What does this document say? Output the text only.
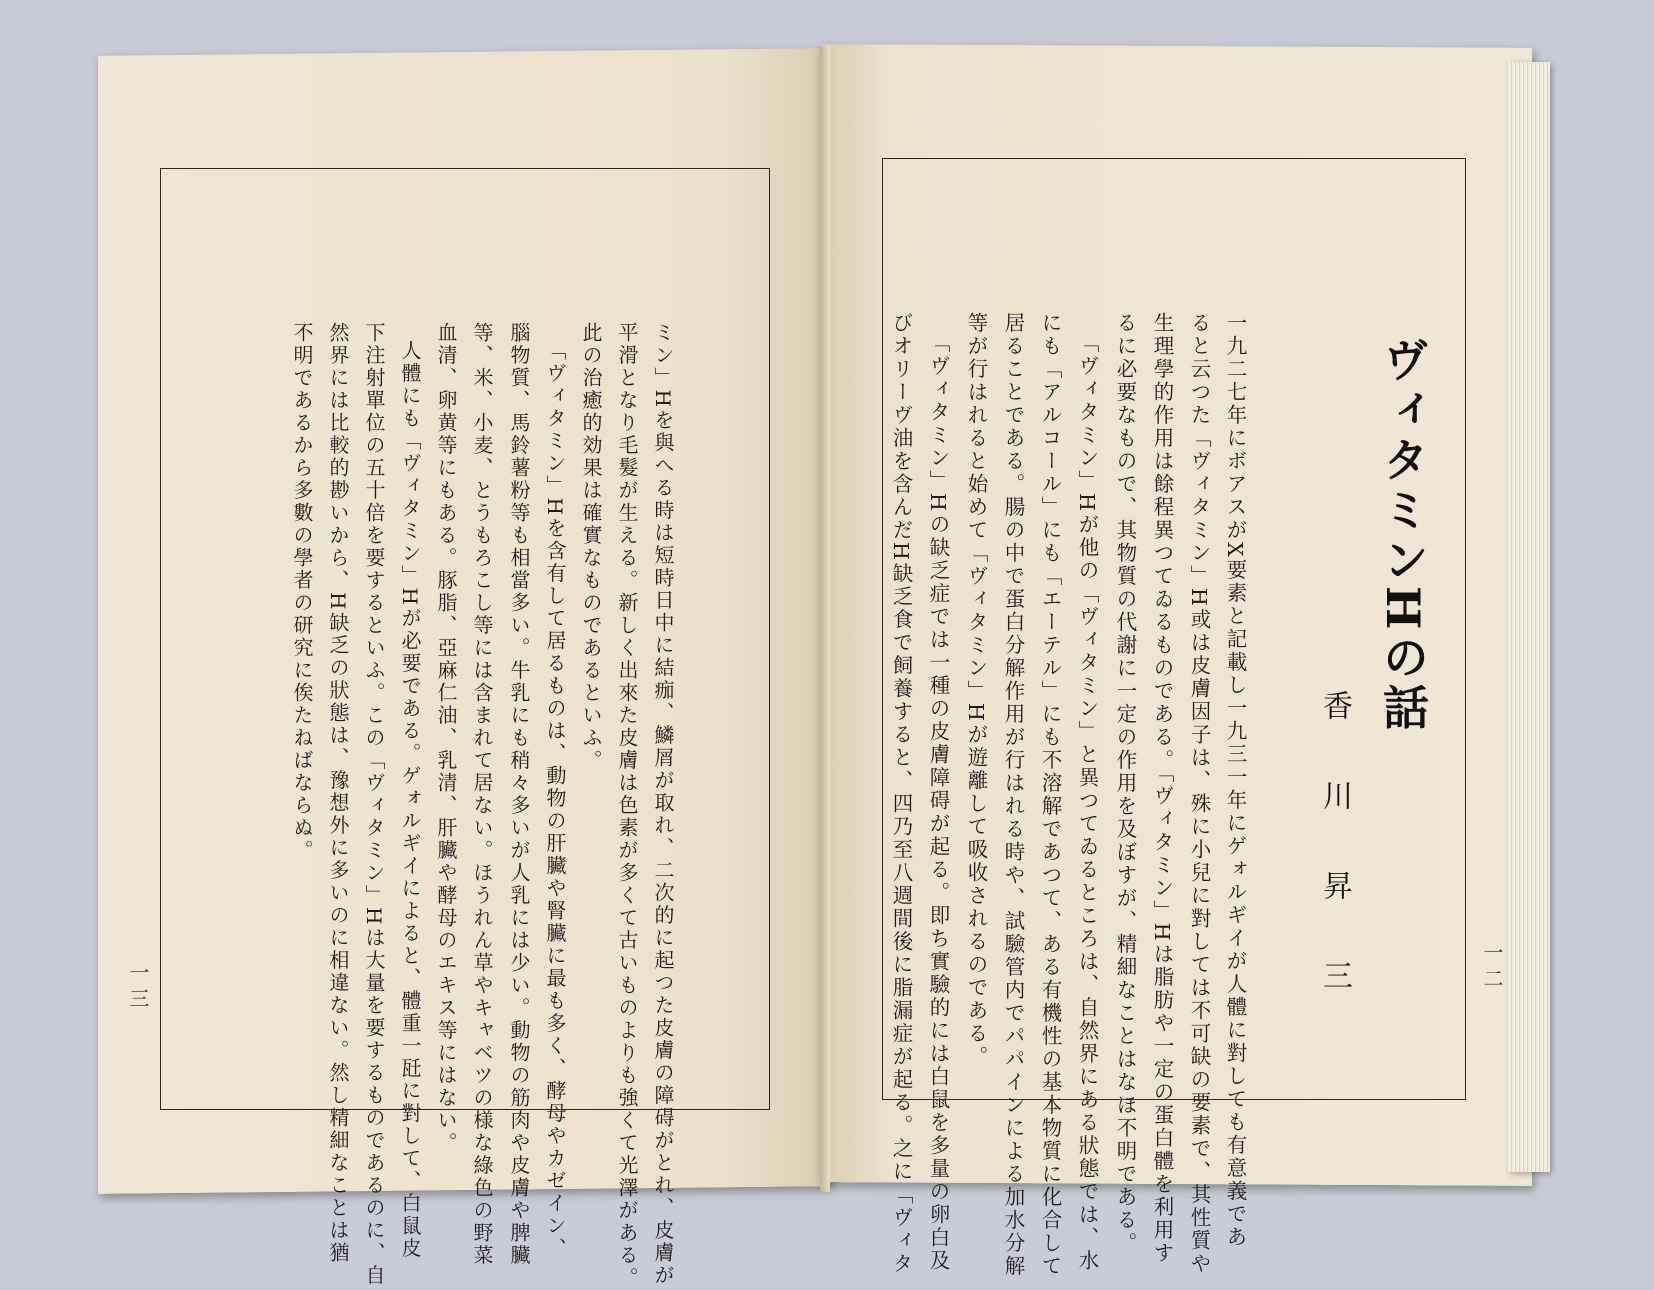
ヴィタミンHの話
香川昇三
一九二七年にボアスがX要素と記載し一九三一年にゲォルギイが人體に對しても有意義であ
ると云つた「ヴィタミン」H或は皮膚因子は、殊に小兒に對しては不可缺の要素で、其性質や
生理學的作用は餘程異つてゐるものである。「ヴィタミン」Hは脂肪や一定の蛋白體を利用す
るに必要なもので、其物質の代謝に一定の作用を及ぼすが、精細なことはなほ不明である。
「ヴィタミン」Hが他の「ヴィタミン」と異つてゐるところは、自然界にある狀態では、水
にも「アルコール」にも「エーテル」にも不溶解であつて、ある有機性の基本物質に化合して
居ることである。腸の中で蛋白分解作用が行はれる時や、試驗管内でパパインによる加水分解
等が行はれると始めて「ヴィタミン」Hが遊離して吸收されるのである。
「ヴィタミン」Hの缺乏症では一種の皮膚障碍が起る。即ち實驗的には白鼠を多量の卵白及
びオリーヴ油を含んだH缺乏食で飼養すると、四乃至八週間後に脂漏症が起る。之に「ヴィタ	一二
ミン」Hを與へる時は短時日中に結痂、鱗屑が取れ、二次的に起つた皮膚の障碍がとれ、皮膚が
平滑となり毛髮が生える。新しく出來た皮膚は色素が多くて古いものよりも強くて光澤がある。
此の治癒的効果は確實なものであるといふ。
「ヴィタミン」Hを含有して居るものは、動物の肝臟や腎臟に最も多く、酵母やカゼイン、
腦物質、馬鈴薯粉等も相當多い。牛乳にも稍々多いが人乳には少い。動物の筋肉や皮膚や脾臟
等、米、小麦、とうもろこし等には含まれて居ない。ほうれん草やキャベツの様な綠色の野菜
血清、卵黄等にもある。豚脂、亞麻仁油、乳清、肝臟や酵母のエキス等にはない。
人體にも「ヴィタミン」Hが必要である。ゲォルギイによると、體重一瓩に對して、白鼠皮
下注射單位の五十倍を要するといふ。この「ヴィタミン」Hは大量を要するものであるのに、自
然界には比較的尠いから、H缺乏の狀態は、豫想外に多いのに相違ない。然し精細なことは猶
不明であるから多數の學者の研究に俟たねばならぬ。
一三
